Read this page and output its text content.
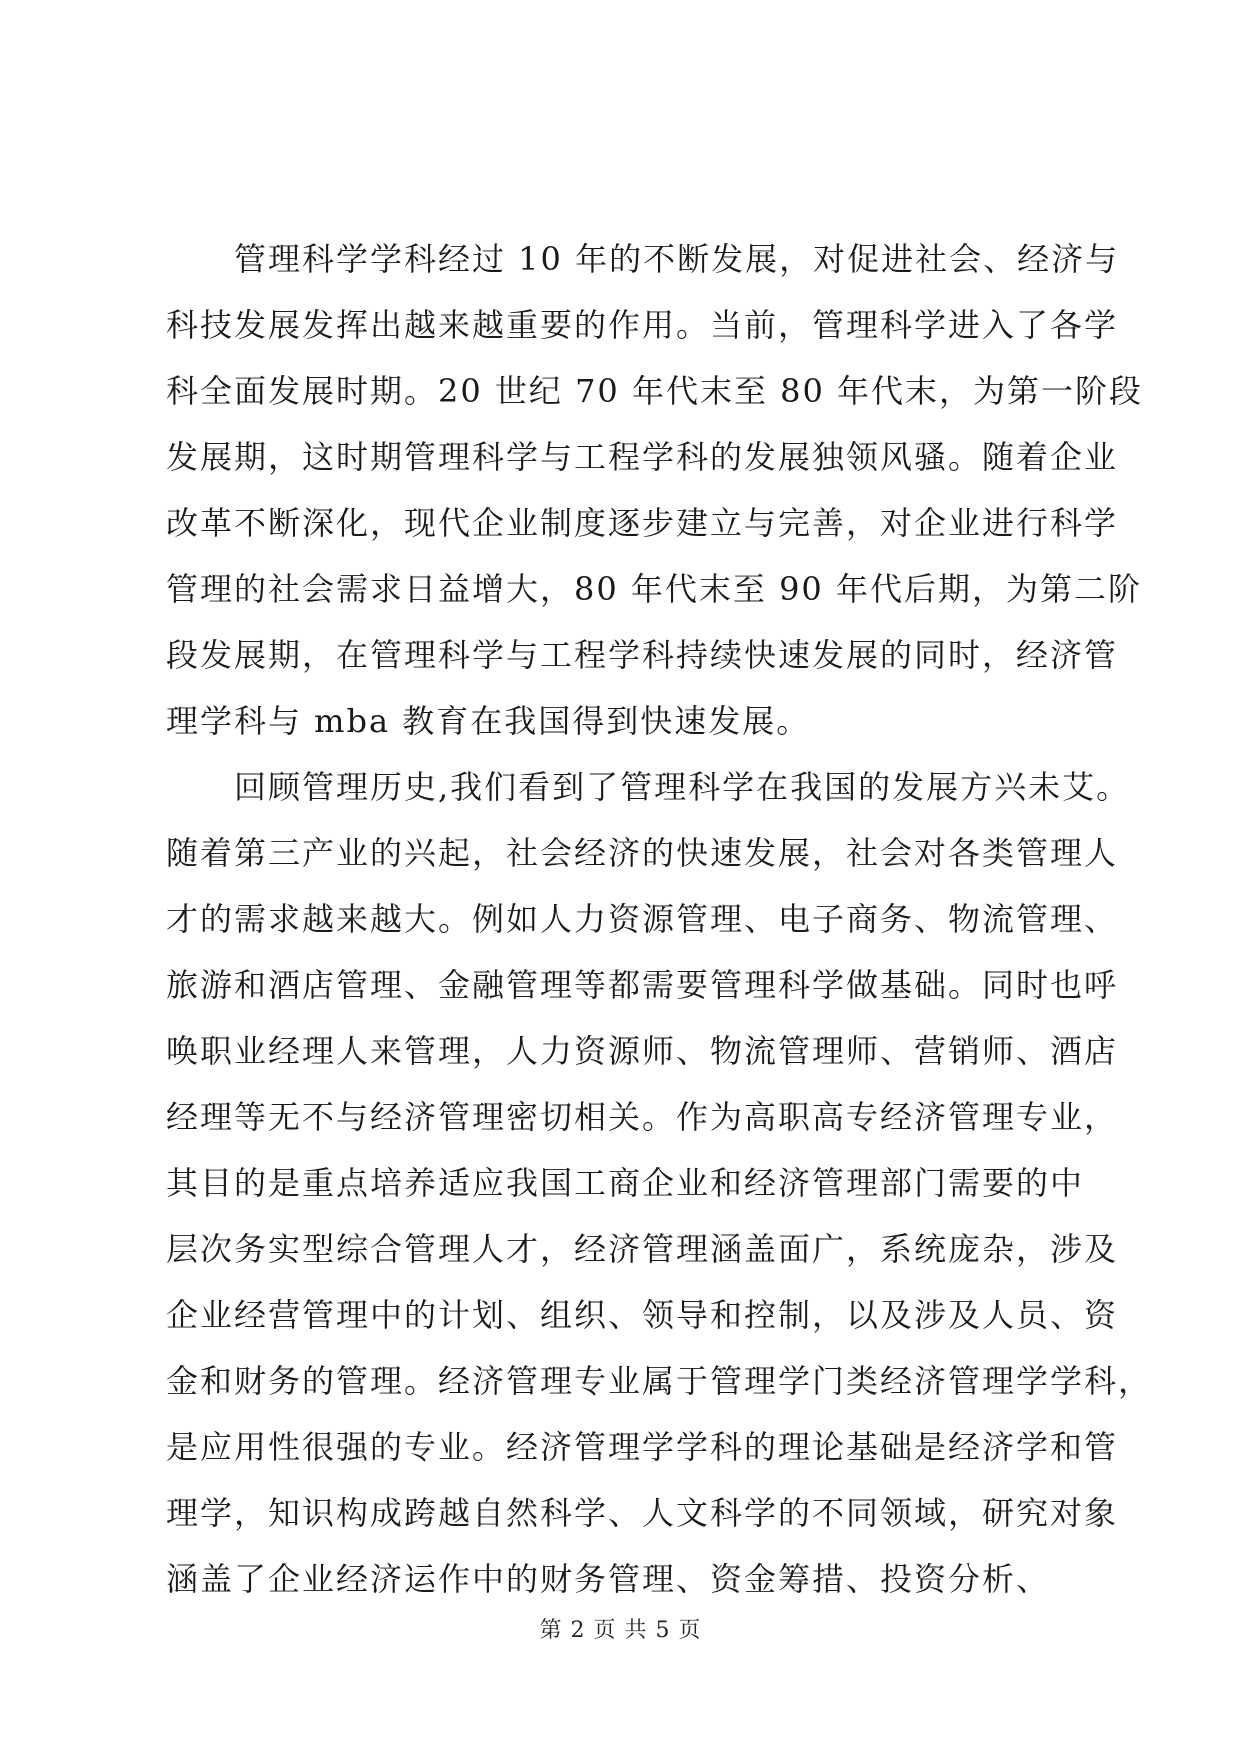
管理科学学科经过 10 年的不断发展，对促进社会、经济与
科技发展发挥出越来越重要的作用。当前，管理科学进入了各学
科全面发展时期。20 世纪 70 年代末至 80 年代末，为第一阶段
发展期，这时期管理科学与工程学科的发展独领风骚。随着企业
改革不断深化，现代企业制度逐步建立与完善，对企业进行科学
管理的社会需求日益增大，80 年代末至 90 年代后期，为第二阶
段发展期，在管理科学与工程学科持续快速发展的同时，经济管
理学科与 mba 教育在我国得到快速发展。
回顾管理历史,我们看到了管理科学在我国的发展方兴未艾。
随着第三产业的兴起，社会经济的快速发展，社会对各类管理人
才的需求越来越大。例如人力资源管理、电子商务、物流管理、
旅游和酒店管理、金融管理等都需要管理科学做基础。同时也呼
唤职业经理人来管理，人力资源师、物流管理师、营销师、酒店
经理等无不与经济管理密切相关。作为高职高专经济管理专业，
其目的是重点培养适应我国工商企业和经济管理部门需要的中
层次务实型综合管理人才，经济管理涵盖面广，系统庞杂，涉及
企业经营管理中的计划、组织、领导和控制，以及涉及人员、资
金和财务的管理。经济管理专业属于管理学门类经济管理学学科，
是应用性很强的专业。经济管理学学科的理论基础是经济学和管
理学，知识构成跨越自然科学、人文科学的不同领域，研究对象
涵盖了企业经济运作中的财务管理、资金筹措、投资分析、
第 2 页 共 5 页
